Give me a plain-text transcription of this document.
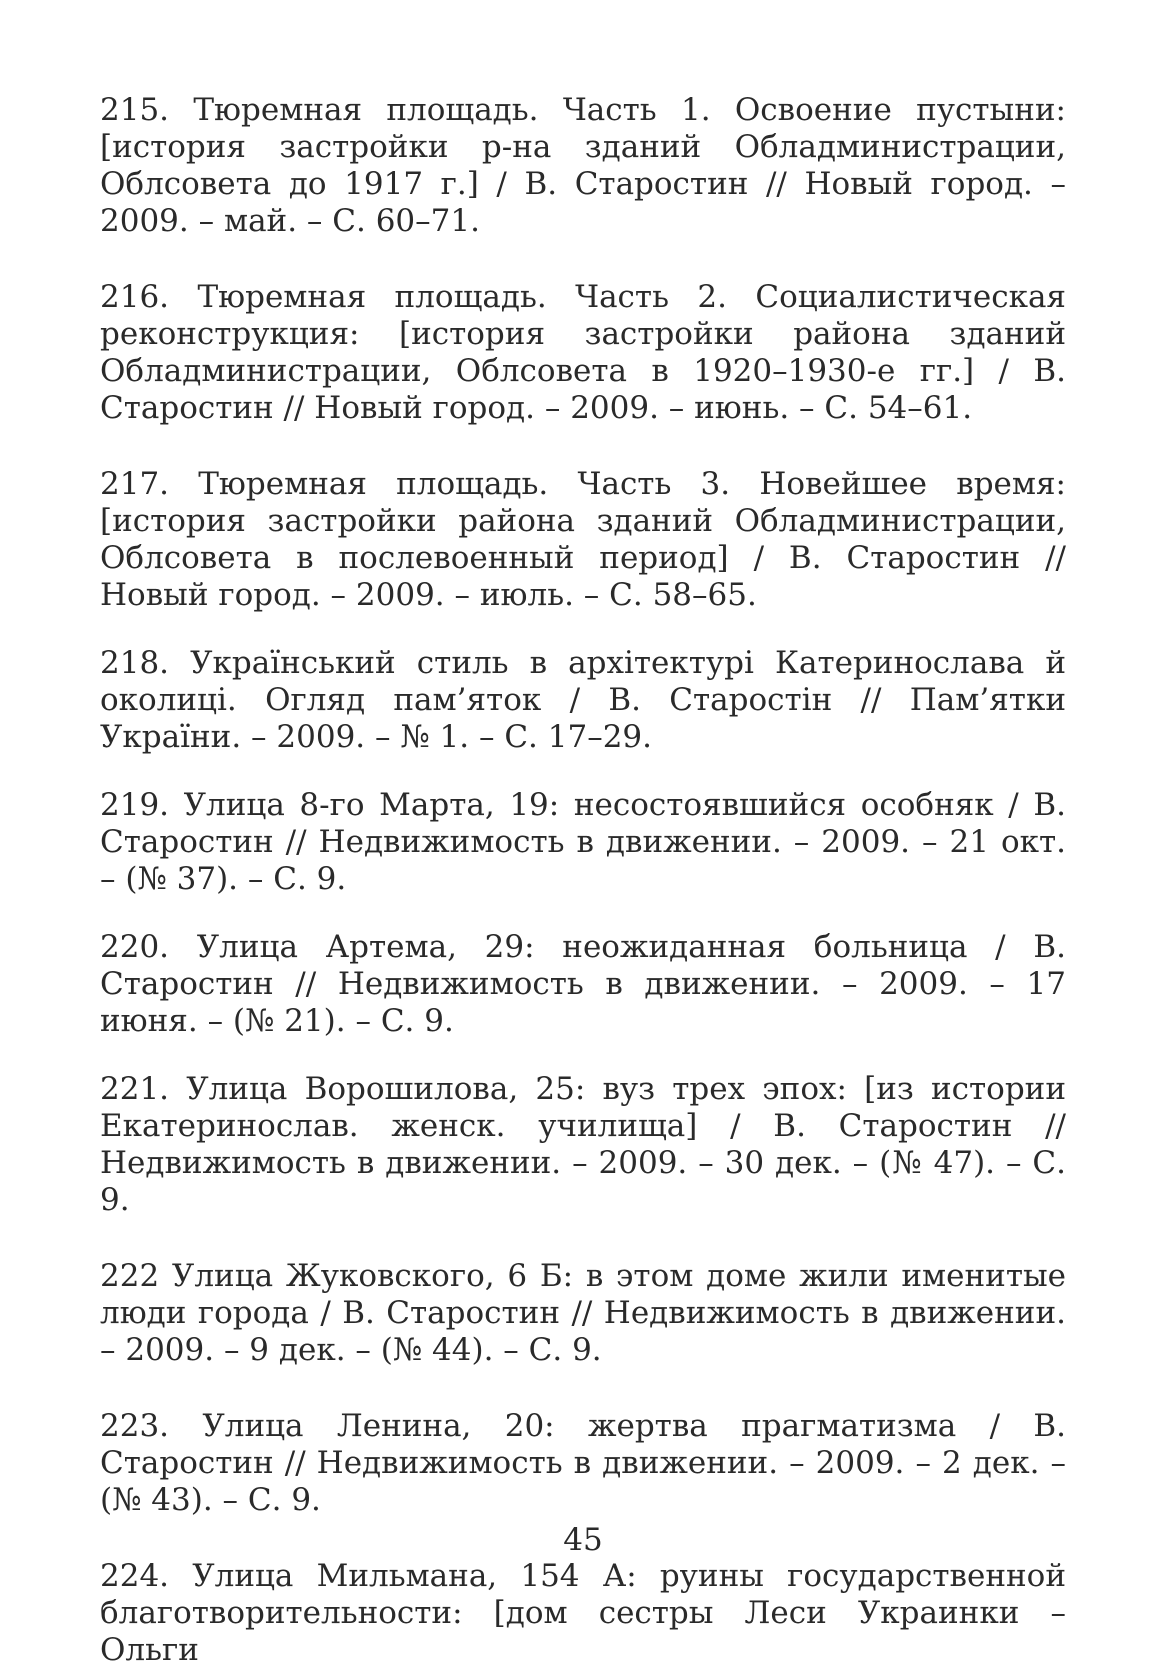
215. Тюремная площадь. Часть 1. Освоение пустыни: [история застройки р-на зданий Обладминистрации, Облсовета до 1917 г.] / В. Старостин // Новый город. – 2009. – май. – С. 60–71.

216. Тюремная площадь. Часть 2. Социалистическая реконструкция: [история застройки района зданий Обладминистрации, Облсовета в 1920–1930-е гг.] / В. Старостин // Новый город. – 2009. – июнь. – С. 54–61.

217. Тюремная площадь. Часть 3. Новейшее время: [история застройки района зданий Обладминистрации, Облсовета в послевоенный период] / В. Старостин // Новый город. – 2009. – июль. – С. 58–65.

218. Український стиль в архітектурі Катеринослава й околиці. Огляд пам’яток / В. Старостін // Пам’ятки України. – 2009. – № 1. – С. 17–29.

219. Улица 8-го Марта, 19: несостоявшийся особняк / В. Старостин // Недвижимость в движении. – 2009. – 21 окт. – (№ 37). – С. 9.

220. Улица Артема, 29: неожиданная больница / В. Старостин // Недвижимость в движении. – 2009. – 17 июня. – (№ 21). – С. 9.

221. Улица Ворошилова, 25: вуз трех эпох: [из истории Екатеринослав. женск. училища] / В. Старостин // Недвижимость в движении. – 2009. – 30 дек. – (№ 47). – С. 9.

222 Улица Жуковского, 6 Б: в этом доме жили именитые люди города / В. Старостин // Недвижимость в движении. – 2009. – 9 дек. – (№ 44). – С. 9.

223. Улица Ленина, 20: жертва прагматизма / В. Старостин // Недвижимость в движении. – 2009. – 2 дек. – (№ 43). – С. 9.

224. Улица Мильмана, 154 А: руины государственной благотворительности: [дом сестры Леси Украинки – Ольги

45
